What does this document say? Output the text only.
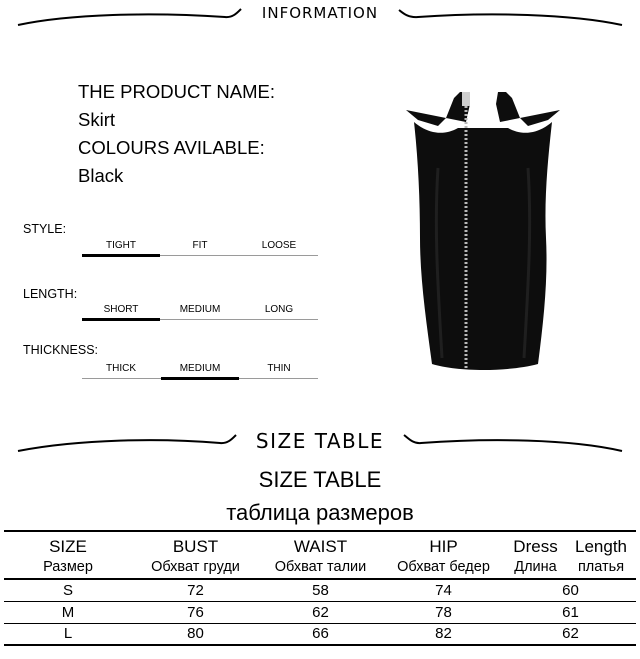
INFORMATION
THE PRODUCT NAME:
Skirt
COLOURS AVILABLE:
Black
STYLE:
TIGHT	FIT	LOOSE
LENGTH:
SHORT	MEDIUM	LONG
THICKNESS:
THICK	MEDIUM	THIN
SIZE TABLE
SIZE TABLE
таблица размеров
SIZE	BUST	WAIST	HIP	Dress	Length
Размер	Обхват груди	Обхват талии	Обхват бедер	Длина	платья
S	72	58	74	60	
M	76	62	78	61	
L	80	66	82	62	
